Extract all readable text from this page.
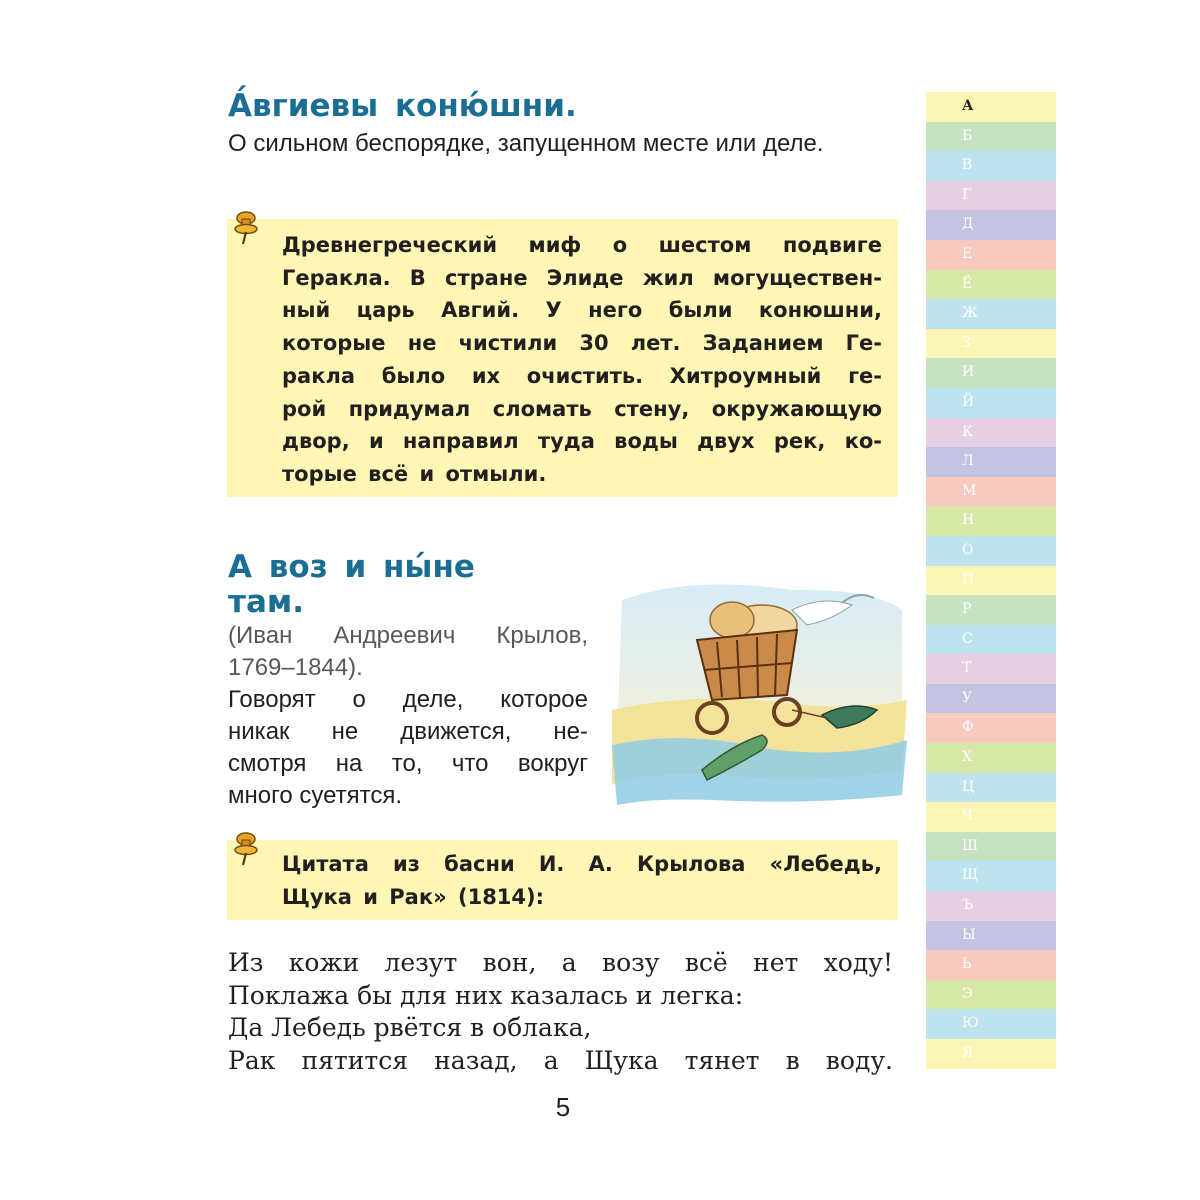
А́вгиевы коню́шни.

О сильном беспорядке, запущенном месте или деле.

Древнегреческий миф о шестом подвиге
Геракла. В стране Элиде жил могуществен-
ный царь Авгий. У него были конюшни,
которые не чистили 30 лет. Заданием Ге-
ракла было их очистить. Хитроумный ге-
рой придумал сломать стену, окружающую
двор, и направил туда воды двух рек, ко-
торые всё и отмыли.
А воз и ны́не
там.
(Иван Андреевич Крылов,
1769–1844).
Говорят о деле, которое
никак не движется, не-
смотря на то, что вокруг
много суетятся.
Цитата из басни И. А. Крылова «Лебедь,
Щука и Рак» (1814):
Из кожи лезут вон, а возу всё нет ходу!
Поклажа бы для них казалась и легка:
Да Лебедь рвётся в облака,
Рак пятится назад, а Щука тянет в воду.
5
А
Б
В
Г
Д
Е
Ё
Ж
З
И
Й
К
Л
М
Н
О
П
Р
С
Т
У
Ф
Х
Ц
Ч
Ш
Щ
Ъ
Ы
Ь
Э
Ю
Я
